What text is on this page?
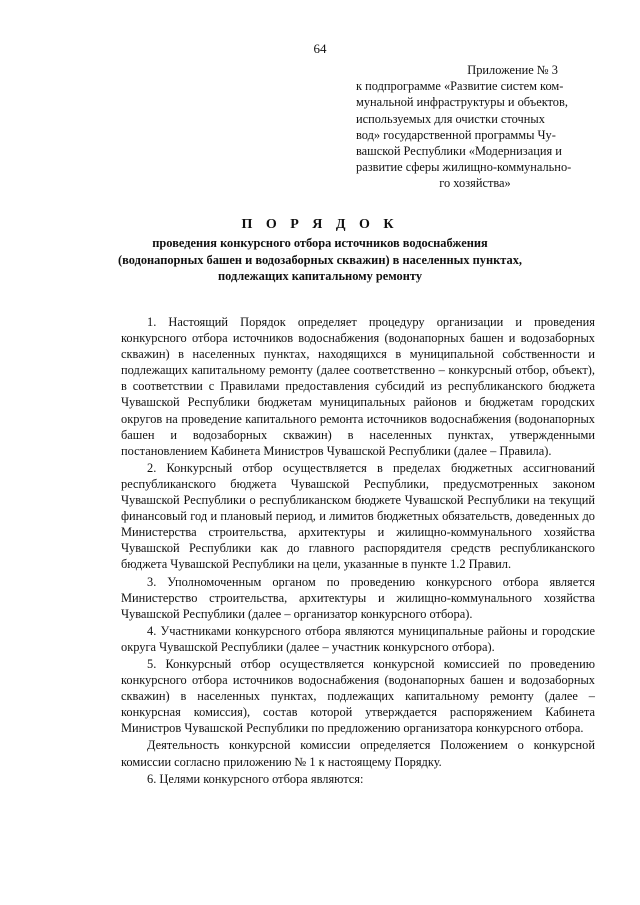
64
Приложение № 3
к подпрограмме «Развитие систем ком-
мунальной инфраструктуры и объектов,
используемых для очистки сточных
вод» государственной программы Чу-
вашской Республики «Модернизация и
развитие сферы жилищно-коммунально-
го хозяйства»
П О Р Я Д О К
проведения конкурсного отбора источников водоснабжения
(водонапорных башен и водозаборных скважин) в населенных пунктах,
подлежащих капитальному ремонту

1. Настоящий Порядок определяет процедуру организации и проведения конкурсного отбора источников водоснабжения (водонапорных башен и водозаборных скважин) в населенных пунктах, находящихся в муниципальной собственности и подлежащих капитальному ремонту (далее соответственно – конкурсный отбор, объект), в соответствии с Правилами предоставления субсидий из республиканского бюджета Чувашской Республики бюджетам муниципальных районов и бюджетам городских округов на проведение капитального ремонта источников водоснабжения (водонапорных башен и водозаборных скважин) в населенных пунктах, утвержденными постановлением Кабинета Министров Чувашской Республики (далее – Правила).

2. Конкурсный отбор осуществляется в пределах бюджетных ассигнований республиканского бюджета Чувашской Республики, предусмотренных законом Чувашской Республики о республиканском бюджете Чувашской Республики на текущий финансовый год и плановый период, и лимитов бюджетных обязательств, доведенных до Министерства строительства, архитектуры и жилищно-коммунального хозяйства Чувашской Республики как до главного распорядителя средств республиканского бюджета Чувашской Республики на цели, указанные в пункте 1.2 Правил.

3. Уполномоченным органом по проведению конкурсного отбора является Министерство строительства, архитектуры и жилищно-коммунального хозяйства Чувашской Республики (далее – организатор конкурсного отбора).

4. Участниками конкурсного отбора являются муниципальные районы и городские округа Чувашской Республики (далее – участник конкурсного отбора).

5. Конкурсный отбор осуществляется конкурсной комиссией по проведению конкурсного отбора источников водоснабжения (водонапорных башен и водозаборных скважин) в населенных пунктах, подлежащих капитальному ремонту (далее – конкурсная комиссия), состав которой утверждается распоряжением Кабинета Министров Чувашской Республики по предложению организатора конкурсного отбора.

Деятельность конкурсной комиссии определяется Положением о конкурсной комиссии согласно приложению № 1 к настоящему Порядку.

6. Целями конкурсного отбора являются:
